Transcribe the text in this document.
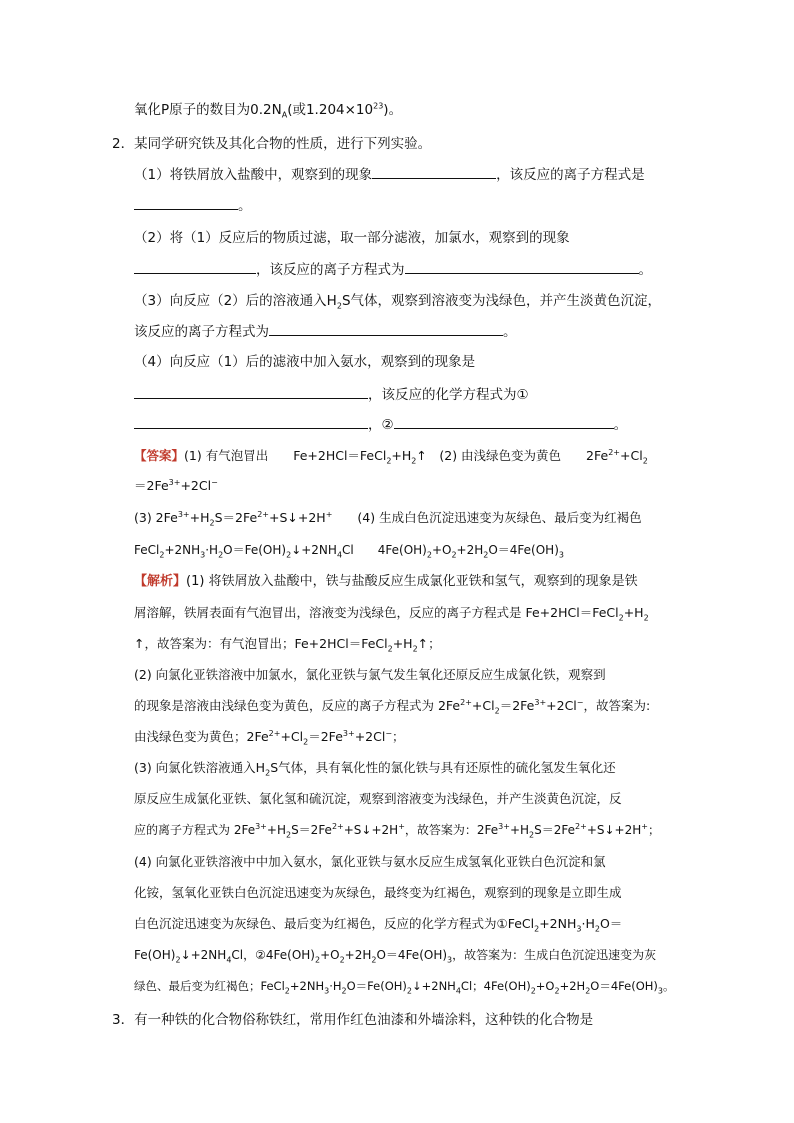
氧化P原子的数目为$0.2N_A$(或$1.204\times 10^{23}$)。
2．某同学研究铁及其化合物的性质，进行下列实验。
（1）将铁屑放入盐酸中，观察到的现象	，该反应的离子方程式是
。
（2）将（1）反应后的物质过滤，取一部分滤液，加氯水，观察到的现象
，该反应的离子方程式为	。
（3）向反应（2）后的溶液通入$H_2S$气体，观察到溶液变为浅绿色，并产生淡黄色沉淀，
该反应的离子方程式为	。
（4）向反应（1）后的滤液中加入氨水，观察到的现象是
，该反应的化学方程式为①
，②	。
【答案】(1) 有气泡冒出　　$Fe+2HCl=FeCl_2+H_2↑$　(2) 由浅绿色变为黄色　　$2Fe^{2+}+Cl_2$
$=2Fe^{3+}+2Cl^-$
(3) $2Fe^{3+}+H_2S=2Fe^{2+}+S↓+2H^+$　　(4) 生成白色沉淀迅速变为灰绿色、最后变为红褐色
$FeCl_2+2NH_3\cdot H_2O=Fe(OH)_2↓+2NH_4Cl$　　$4Fe(OH)_2+O_2+2H_2O=4Fe(OH)_3$
【解析】(1) 将铁屑放入盐酸中，铁与盐酸反应生成氯化亚铁和氢气，观察到的现象是铁
屑溶解，铁屑表面有气泡冒出，溶液变为浅绿色，反应的离子方程式是 $Fe+2HCl=FeCl_2+H_2$
↑，故答案为：有气泡冒出；$Fe+2HCl=FeCl_2+H_2↑$；
(2) 向氯化亚铁溶液中加氯水，氯化亚铁与氯气发生氧化还原反应生成氯化铁，观察到
的现象是溶液由浅绿色变为黄色，反应的离子方程式为 $2Fe^{2+}+Cl_2=2Fe^{3+}+2Cl^-$，故答案为:
由浅绿色变为黄色；$2Fe^{2+}+Cl_2=2Fe^{3+}+2Cl^-$；
(3) 向氯化铁溶液通入$H_2S$气体，具有氧化性的氯化铁与具有还原性的硫化氢发生氧化还
原反应生成氯化亚铁、氯化氢和硫沉淀，观察到溶液变为浅绿色，并产生淡黄色沉淀，反
应的离子方程式为 $2Fe^{3+}+H_2S=2Fe^{2+}+S↓+2H^+$，故答案为：$2Fe^{3+}+H_2S=2Fe^{2+}+S↓+2H^+$；
(4) 向氯化亚铁溶液中中加入氨水，氯化亚铁与氨水反应生成氢氧化亚铁白色沉淀和氯
化铵，氢氧化亚铁白色沉淀迅速变为灰绿色，最终变为红褐色，观察到的现象是立即生成
白色沉淀迅速变为灰绿色、最后变为红褐色，反应的化学方程式为$①FeCl_2+2NH_3\cdot H_2O=$
$Fe(OH)_2↓+2NH_4Cl$，$②4Fe(OH)_2+O_2+2H_2O=4Fe(OH)_3$，故答案为：生成白色沉淀迅速变为灰
绿色、最后变为红褐色；$FeCl_2+2NH_3\cdot H_2O=Fe(OH)_2↓+2NH_4Cl$；$4Fe(OH)_2+O_2+2H_2O=4Fe(OH)_3$。
3．有一种铁的化合物俗称铁红，常用作红色油漆和外墙涂料，这种铁的化合物是
